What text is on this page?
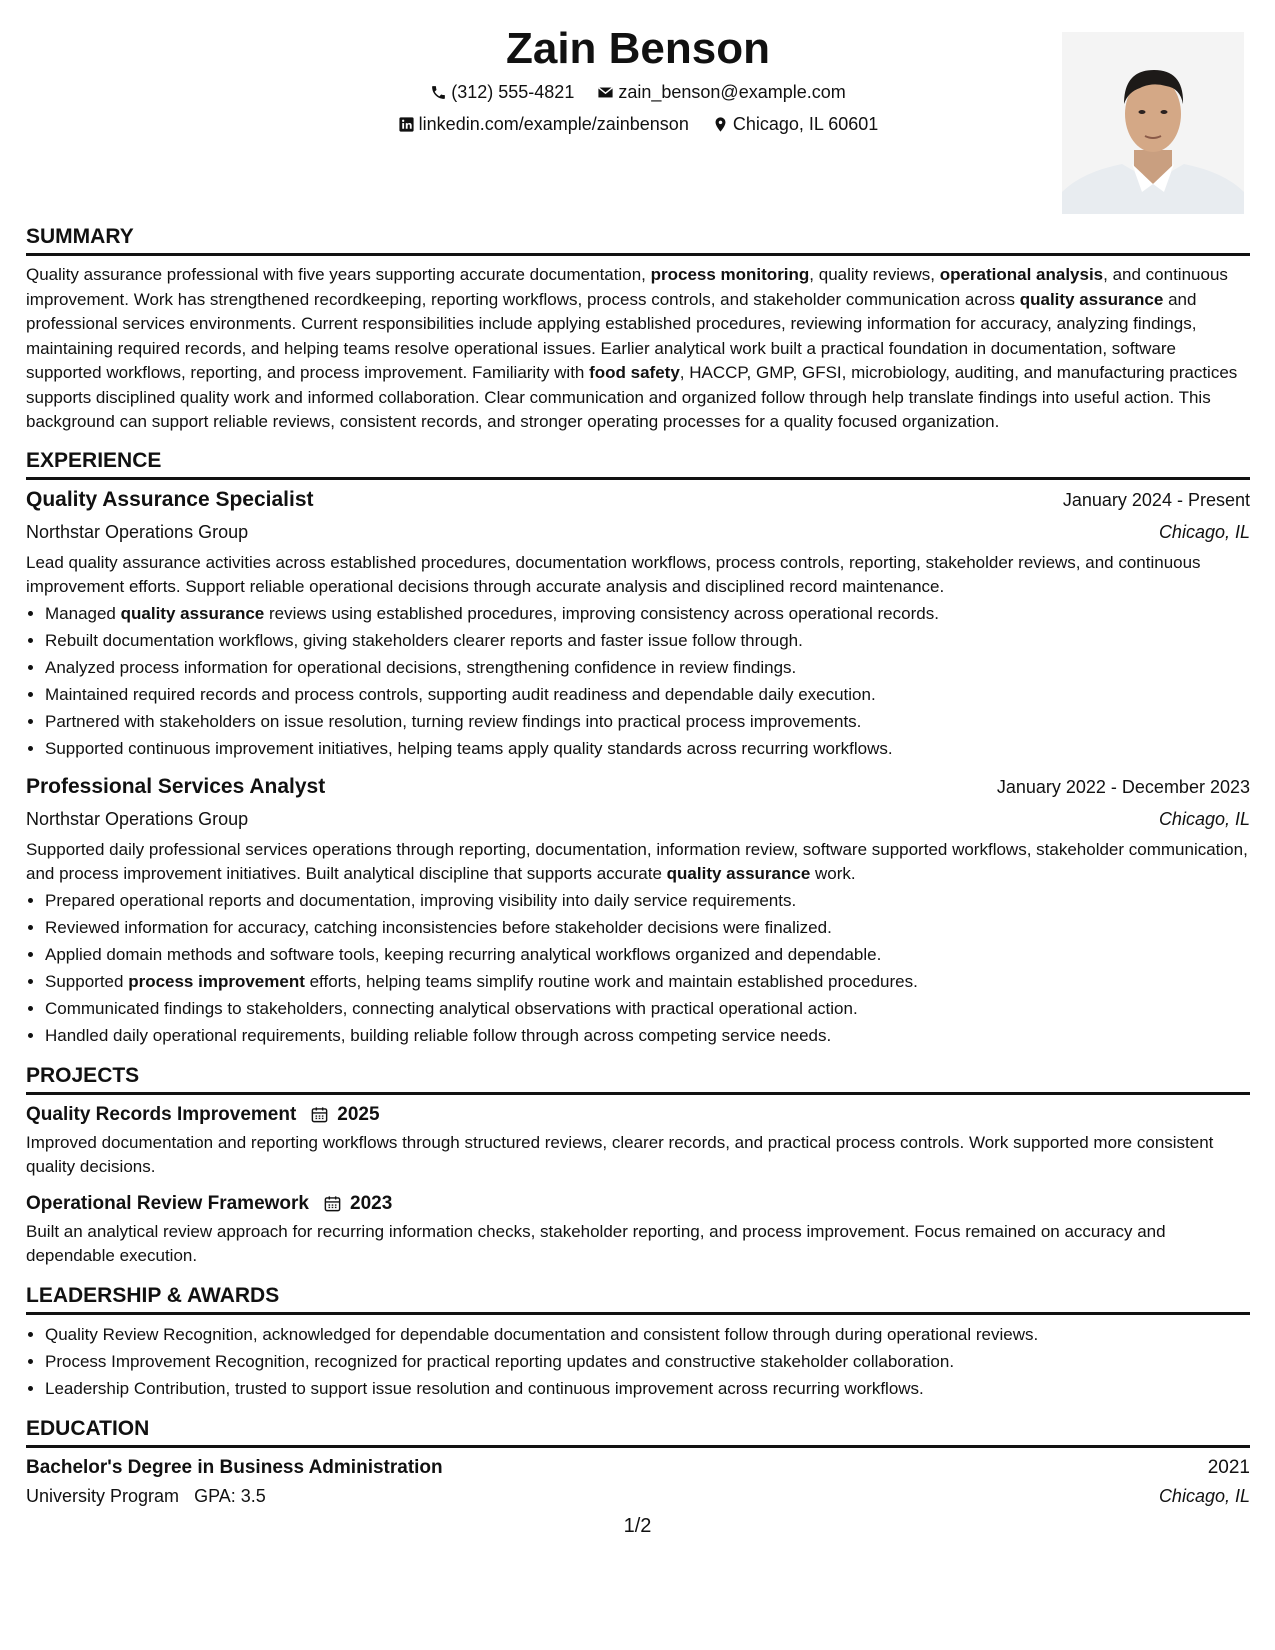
Zain Benson
(312) 555-4821
zain_benson@example.com
linkedin.com/example/zainbenson
Chicago, IL 60601
SUMMARY

Quality assurance professional with five years supporting accurate documentation, process monitoring, quality reviews, operational analysis, and continuous improvement. Work has strengthened recordkeeping, reporting workflows, process controls, and stakeholder communication across quality assurance and professional services environments. Current responsibilities include applying established procedures, reviewing information for accuracy, analyzing findings, maintaining required records, and helping teams resolve operational issues. Earlier analytical work built a practical foundation in documentation, software supported workflows, reporting, and process improvement. Familiarity with food safety, HACCP, GMP, GFSI, microbiology, auditing, and manufacturing practices supports disciplined quality work and informed collaboration. Clear communication and organized follow through help translate findings into useful action. This background can support reliable reviews, consistent records, and stronger operating processes for a quality focused organization.

EXPERIENCE
Quality Assurance Specialist	January 2024 - Present
Northstar Operations Group	Chicago, IL

Lead quality assurance activities across established procedures, documentation workflows, process controls, reporting, stakeholder reviews, and continuous improvement efforts. Support reliable operational decisions through accurate analysis and disciplined record maintenance.

• Managed quality assurance reviews using established procedures, improving consistency across operational records.
• Rebuilt documentation workflows, giving stakeholders clearer reports and faster issue follow through.
• Analyzed process information for operational decisions, strengthening confidence in review findings.
• Maintained required records and process controls, supporting audit readiness and dependable daily execution.
• Partnered with stakeholders on issue resolution, turning review findings into practical process improvements.
• Supported continuous improvement initiatives, helping teams apply quality standards across recurring workflows.
Professional Services Analyst	January 2022 - December 2023
Northstar Operations Group	Chicago, IL

Supported daily professional services operations through reporting, documentation, information review, software supported workflows, stakeholder communication, and process improvement initiatives. Built analytical discipline that supports accurate quality assurance work.

• Prepared operational reports and documentation, improving visibility into daily service requirements.
• Reviewed information for accuracy, catching inconsistencies before stakeholder decisions were finalized.
• Applied domain methods and software tools, keeping recurring analytical workflows organized and dependable.
• Supported process improvement efforts, helping teams simplify routine work and maintain established procedures.
• Communicated findings to stakeholders, connecting analytical observations with practical operational action.
• Handled daily operational requirements, building reliable follow through across competing service needs.
PROJECTS
Quality Records Improvement 2025

Improved documentation and reporting workflows through structured reviews, clearer records, and practical process controls. Work supported more consistent quality decisions.

Operational Review Framework 2023

Built an analytical review approach for recurring information checks, stakeholder reporting, and process improvement. Focus remained on accuracy and dependable execution.

LEADERSHIP & AWARDS
• Quality Review Recognition, acknowledged for dependable documentation and consistent follow through during operational reviews.
• Process Improvement Recognition, recognized for practical reporting updates and constructive stakeholder collaboration.
• Leadership Contribution, trusted to support issue resolution and continuous improvement across recurring workflows.
EDUCATION
Bachelor's Degree in Business Administration	2021
University Program GPA: 3.5	Chicago, IL
1/2
